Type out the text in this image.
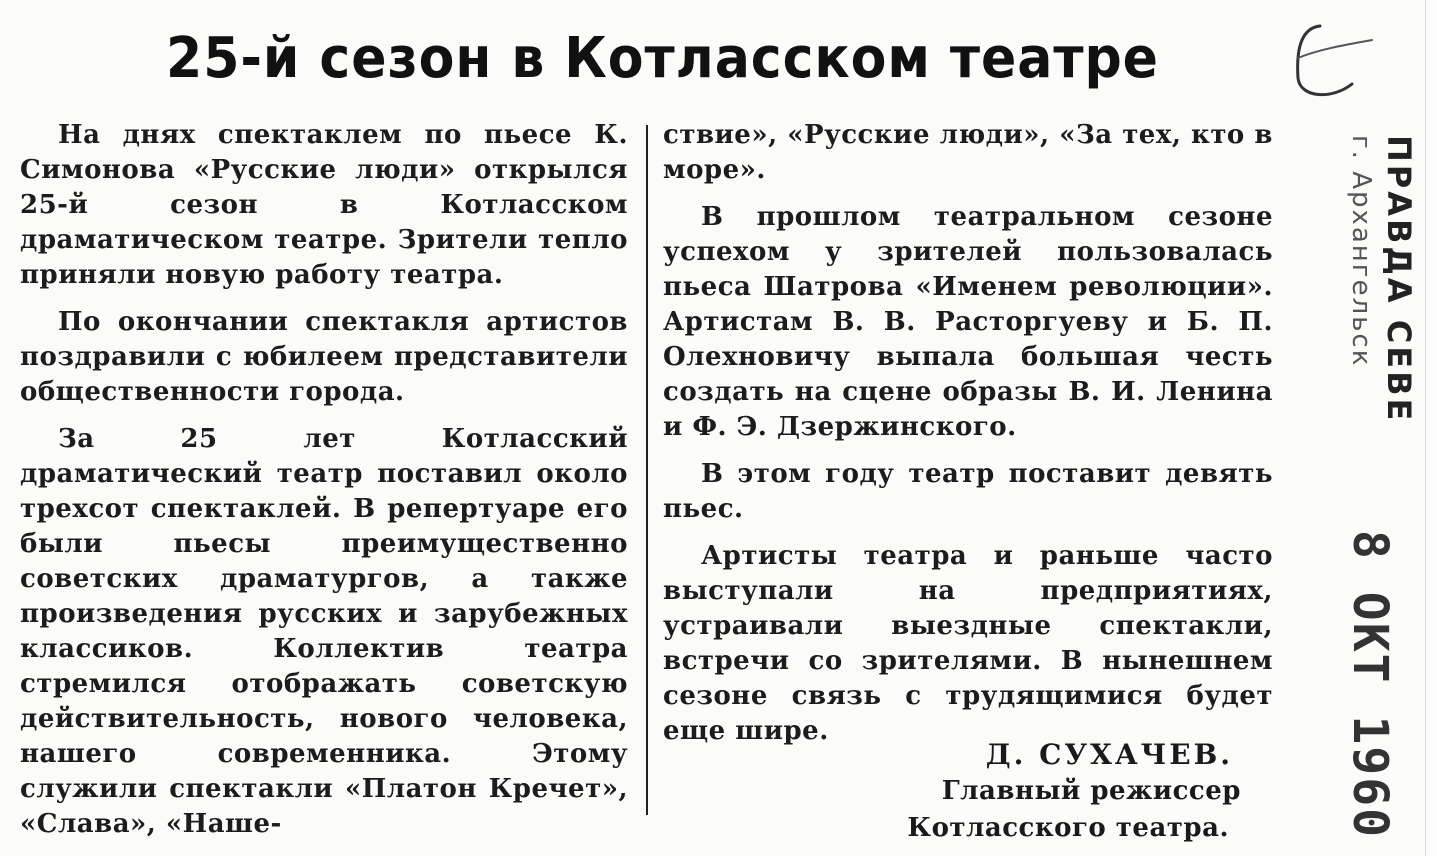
25-й сезон в Котласском театре

На днях спектаклем по пьесе К. Симонова «Русские люди» открылся 25-й сезон в Котласском драматическом театре. Зрители тепло приняли новую работу театра.

По окончании спектакля артистов поздравили с юбилеем представители общественности города.

За 25 лет Котласский драматический театр поставил около трехсот спектаклей. В репертуаре его были пьесы преимущественно советских драматургов, а также произведения русских и зарубежных классиков. Коллектив театра стремился отображать советскую действительность, нового человека, нашего современника. Этому служили спектакли «Платон Кречет», «Слава», «Наше-

ствие», «Русские люди», «За тех, кто в море».

В прошлом театральном сезоне успехом у зрителей пользовалась пьеса Шатрова «Именем революции». Артистам В. В. Расторгуеву и Б. П. Олехновичу выпала большая честь создать на сцене образы В. И. Ленина и Ф. Э. Дзержинского.

В этом году театр поставит девять пьес.

Артисты театра и раньше часто выступали на предприятиях, устраивали выездные спектакли, встречи со зрителями. В нынешнем сезоне связь с трудящимися будет еще шире.

Д. СУХАЧЕВ.
Главный режиссер
Котласского театра.
ПРАВДА СЕВЕ
г. Архангельск
8 ОКТ 1960
